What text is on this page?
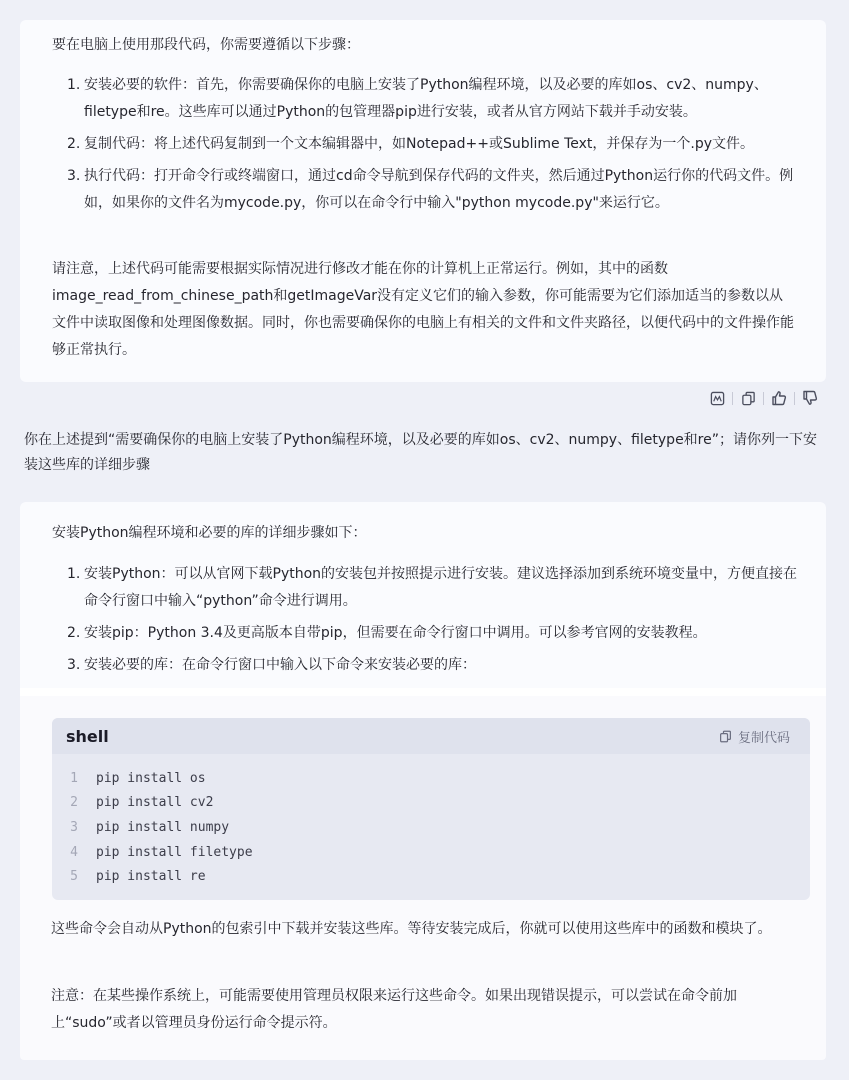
要在电脑上使用那段代码，你需要遵循以下步骤：

1. 安装必要的软件：首先，你需要确保你的电脑上安装了Python编程环境，以及必要的库如os、cv2、numpy、filetype和re。这些库可以通过Python的包管理器pip进行安装，或者从官方网站下载并手动安装。
2. 复制代码：将上述代码复制到一个文本编辑器中，如Notepad++或Sublime Text，并保存为一个.py文件。
3. 执行代码：打开命令行或终端窗口，通过cd命令导航到保存代码的文件夹，然后通过Python运行你的代码文件。例如，如果你的文件名为mycode.py，你可以在命令行中输入"python mycode.py"来运行它。

请注意，上述代码可能需要根据实际情况进行修改才能在你的计算机上正常运行。例如，其中的函数image_read_from_chinese_path和getImageVar没有定义它们的输入参数，你可能需要为它们添加适当的参数以从文件中读取图像和处理图像数据。同时，你也需要确保你的电脑上有相关的文件和文件夹路径，以便代码中的文件操作能够正常执行。

你在上述提到“需要确保你的电脑上安装了Python编程环境，以及必要的库如os、cv2、numpy、filetype和re”；请你列一下安装这些库的详细步骤

安装Python编程环境和必要的库的详细步骤如下：

1. 安装Python：可以从官网下载Python的安装包并按照提示进行安装。建议选择添加到系统环境变量中，方便直接在命令行窗口中输入“python”命令进行调用。
2. 安装pip：Python 3.4及更高版本自带pip，但需要在命令行窗口中调用。可以参考官网的安装教程。
3. 安装必要的库：在命令行窗口中输入以下命令来安装必要的库：
shell	复制代码
1	pip install os
2	pip install cv2
3	pip install numpy
4	pip install filetype
5	pip install re

这些命令会自动从Python的包索引中下载并安装这些库。等待安装完成后，你就可以使用这些库中的函数和模块了。

注意：在某些操作系统上，可能需要使用管理员权限来运行这些命令。如果出现错误提示，可以尝试在命令前加上“sudo”或者以管理员身份运行命令提示符。
